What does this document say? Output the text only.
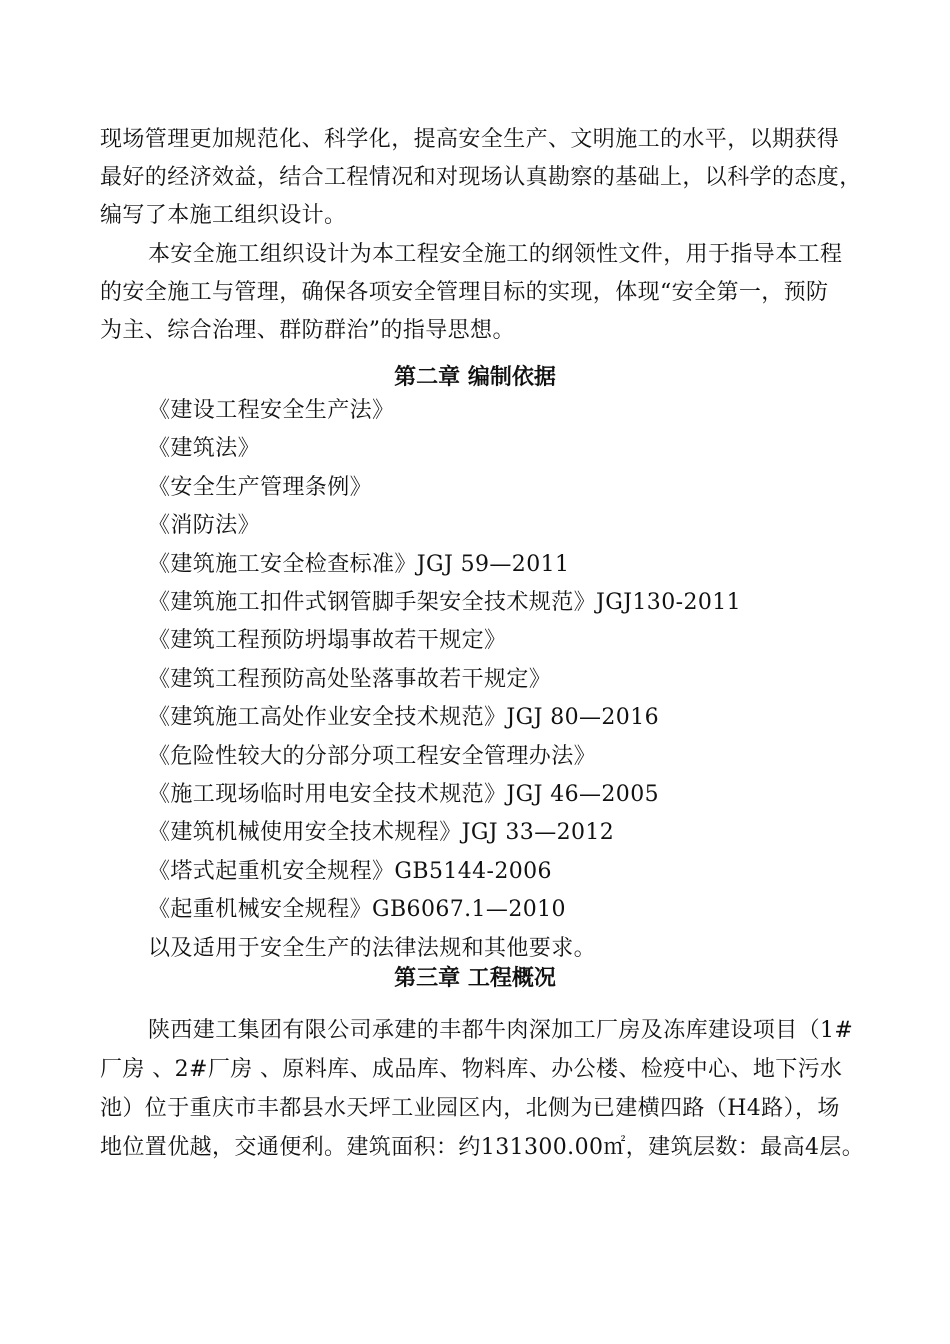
现场管理更加规范化、科学化，提高安全生产、文明施工的水平，以期获得
最好的经济效益，结合工程情况和对现场认真勘察的基础上，以科学的态度，
编写了本施工组织设计。
本安全施工组织设计为本工程安全施工的纲领性文件，用于指导本工程
的安全施工与管理，确保各项安全管理目标的实现，体现“安全第一，预防
为主、综合治理、群防群治”的指导思想。
第二章 编制依据
《建设工程安全生产法》
《建筑法》
《安全生产管理条例》
《消防法》
《建筑施工安全检查标准》JGJ 59—2011
《建筑施工扣件式钢管脚手架安全技术规范》JGJ130-2011
《建筑工程预防坍塌事故若干规定》
《建筑工程预防高处坠落事故若干规定》
《建筑施工高处作业安全技术规范》JGJ 80—2016
《危险性较大的分部分项工程安全管理办法》
《施工现场临时用电安全技术规范》JGJ 46—2005
《建筑机械使用安全技术规程》JGJ 33—2012
《塔式起重机安全规程》GB5144-2006
《起重机械安全规程》GB6067.1—2010
以及适用于安全生产的法律法规和其他要求。
第三章 工程概况
陕西建工集团有限公司承建的丰都牛肉深加工厂房及冻库建设项目（1#
厂房 、2#厂房 、原料库、成品库、物料库、办公楼、检疫中心、地下污水
池）位于重庆市丰都县水天坪工业园区内，北侧为已建横四路（H4路），场
地位置优越，交通便利。建筑面积：约131300.00㎡，建筑层数：最高4层。
